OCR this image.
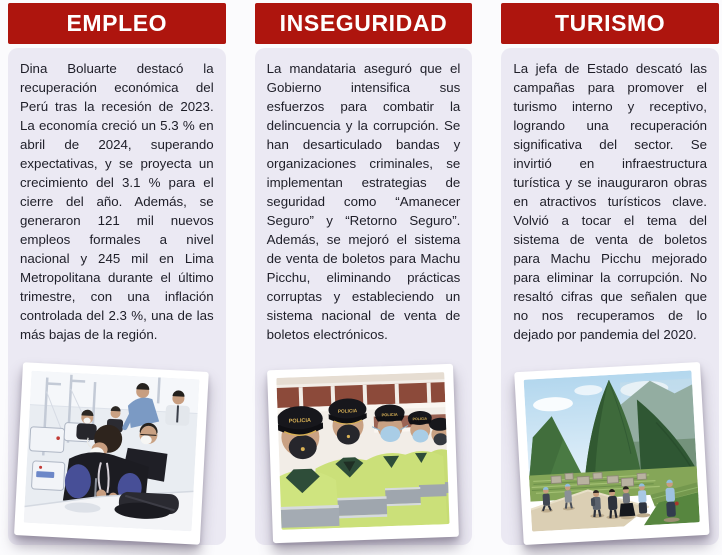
EMPLEO

Dina Boluarte destacó la recuperación económica del Perú tras la recesión de 2023. La economía creció un 5.3 % en abril de 2024, superando expectativas, y se proyecta un crecimiento del 3.1 % para el cierre del año. Además, se generaron 121 mil nuevos empleos formales a nivel nacional y 245 mil en Lima Metropolitana durante el último trimestre, con una inflación controlada del 2.3 %, una de las más bajas de la región.

INSEGURIDAD

La mandataria aseguró que el Gobierno intensifica sus esfuerzos para combatir la delincuencia y la corrupción. Se han desarticulado bandas y organizaciones criminales, se implementan estrategias de seguridad como “Amanecer Seguro” y “Retorno Seguro”. Además, se mejoró el sistema de venta de boletos para Machu Picchu, eliminando prácticas corruptas y estableciendo un sistema nacional de venta de boletos electrónicos.

POLICIA
POLICIA
POLICIA
POLICIA
TURISMO

La jefa de Estado descató las campañas para promover el turismo interno y receptivo, logrando una recuperación significativa del sector. Se invirtió en infraestructura turística y se inauguraron obras en atractivos turísticos clave. Volvió a tocar el tema del sistema de venta de boletos para Machu Picchu mejorado para eliminar la corrupción. No resaltó cifras que señalen que no nos recuperamos de lo dejado por pandemia del 2020.
